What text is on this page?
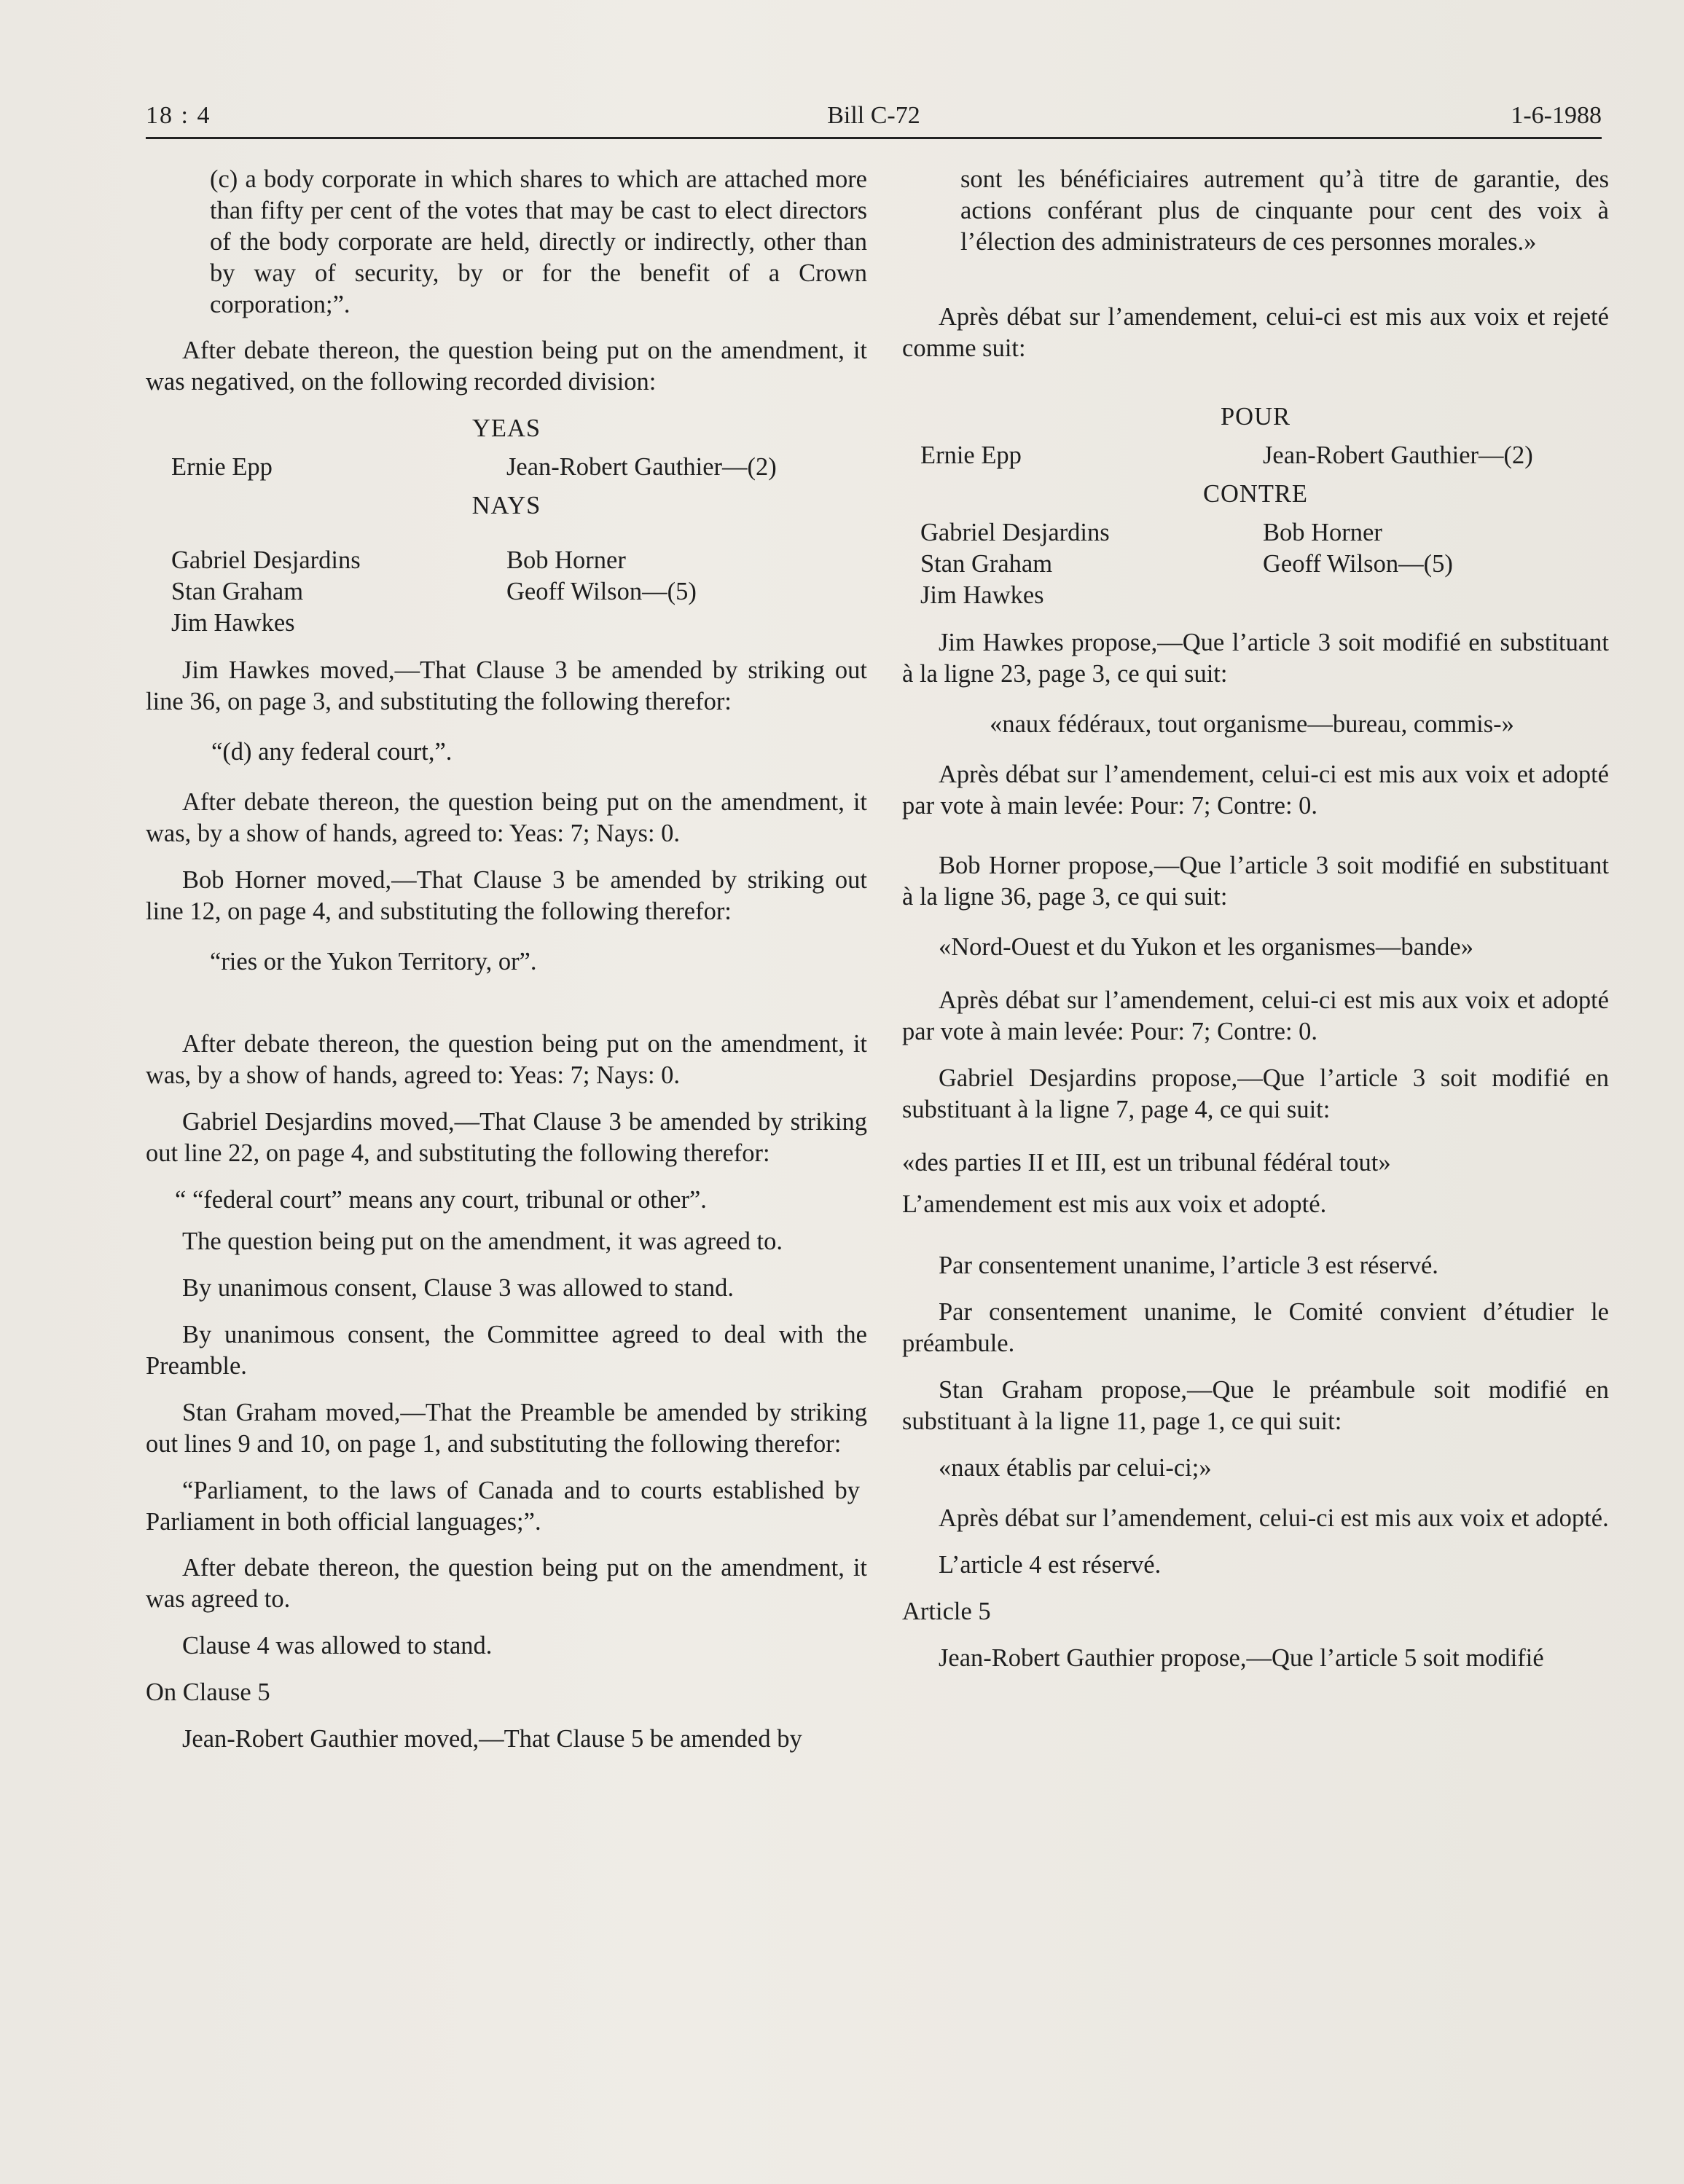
18 : 4	Bill C-72	1-6-1988
(c) a body corporate in which shares to which are attached more than fifty per cent of the votes that may be cast to elect directors of the body corporate are held, directly or indirectly, other than by way of security, by or for the benefit of a Crown corporation;”.
After debate thereon, the question being put on the amendment, it was negatived, on the following recorded division:
YEAS
Ernie Epp	Jean-Robert Gauthier—(2)
NAYS
Gabriel Desjardins	Bob Horner
Stan Graham	Geoff Wilson—(5)
Jim Hawkes
Jim Hawkes moved,—That Clause 3 be amended by striking out line 36, on page 3, and substituting the following therefor:
“(d) any federal court,”.
After debate thereon, the question being put on the amendment, it was, by a show of hands, agreed to: Yeas: 7; Nays: 0.
Bob Horner moved,—That Clause 3 be amended by striking out line 12, on page 4, and substituting the following therefor:
“ries or the Yukon Territory, or”.
After debate thereon, the question being put on the amendment, it was, by a show of hands, agreed to: Yeas: 7; Nays: 0.
Gabriel Desjardins moved,—That Clause 3 be amended by striking out line 22, on page 4, and substituting the following therefor:
“ “federal court” means any court, tribunal or other”.
The question being put on the amendment, it was agreed to.
By unanimous consent, Clause 3 was allowed to stand.
By unanimous consent, the Committee agreed to deal with the Preamble.
Stan Graham moved,—That the Preamble be amended by striking out lines 9 and 10, on page 1, and substituting the following therefor:
“Parliament, to the laws of Canada and to courts established by Parliament in both official languages;”.
After debate thereon, the question being put on the amendment, it was agreed to.
Clause 4 was allowed to stand.
On Clause 5
Jean-Robert Gauthier moved,—That Clause 5 be amended by
sont les bénéficiaires autrement qu’à titre de garantie, des actions conférant plus de cinquante pour cent des voix à l’élection des administrateurs de ces personnes morales.»
Après débat sur l’amendement, celui-ci est mis aux voix et rejeté comme suit:
POUR
Ernie Epp	Jean-Robert Gauthier—(2)
CONTRE
Gabriel Desjardins	Bob Horner
Stan Graham	Geoff Wilson—(5)
Jim Hawkes
Jim Hawkes propose,—Que l’article 3 soit modifié en substituant à la ligne 23, page 3, ce qui suit:
«naux fédéraux, tout organisme—bureau, commis-»
Après débat sur l’amendement, celui-ci est mis aux voix et adopté par vote à main levée: Pour: 7; Contre: 0.
Bob Horner propose,—Que l’article 3 soit modifié en substituant à la ligne 36, page 3, ce qui suit:
«Nord-Ouest et du Yukon et les organismes—bande»
Après débat sur l’amendement, celui-ci est mis aux voix et adopté par vote à main levée: Pour: 7; Contre: 0.
Gabriel Desjardins propose,—Que l’article 3 soit modifié en substituant à la ligne 7, page 4, ce qui suit:
«des parties II et III, est un tribunal fédéral tout»
L’amendement est mis aux voix et adopté.
Par consentement unanime, l’article 3 est réservé.
Par consentement unanime, le Comité convient d’étudier le préambule.
Stan Graham propose,—Que le préambule soit modifié en substituant à la ligne 11, page 1, ce qui suit:
«naux établis par celui-ci;»
Après débat sur l’amendement, celui-ci est mis aux voix et adopté.
L’article 4 est réservé.
Article 5
Jean-Robert Gauthier propose,—Que l’article 5 soit modifié
